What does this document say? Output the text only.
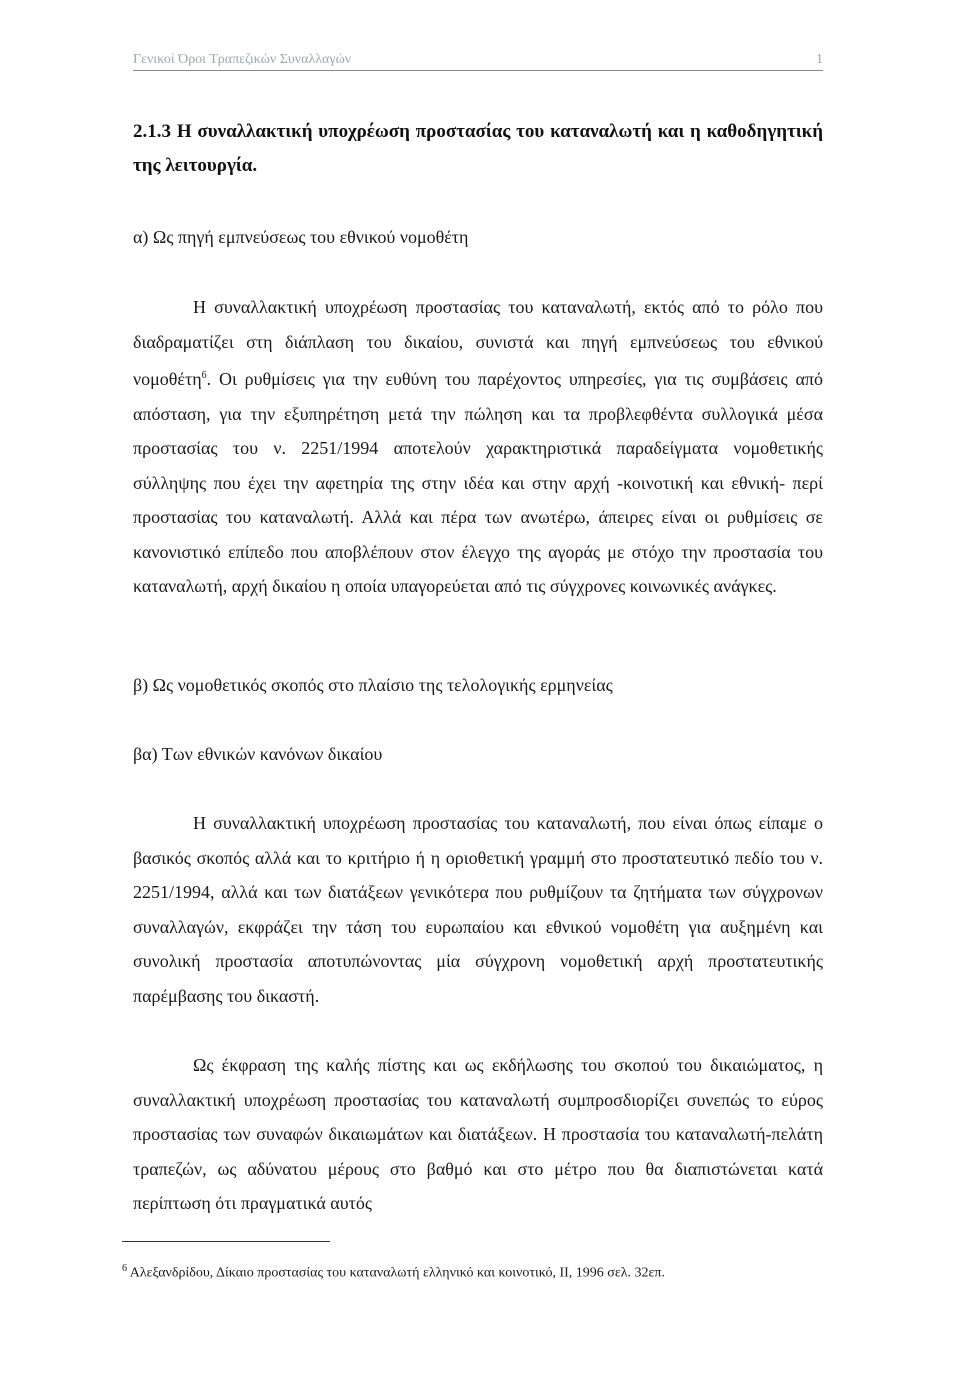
Γενικοί Όροι Τραπεζικών Συναλλαγών	1
2.1.3 Η συναλλακτική υποχρέωση προστασίας του καταναλωτή και η καθοδηγητική της λειτουργία.

α) Ως πηγή εμπνεύσεως του εθνικού νομοθέτη

Η συναλλακτική υποχρέωση προστασίας του καταναλωτή, εκτός από το ρόλο που διαδραματίζει στη διάπλαση του δικαίου, συνιστά και πηγή εμπνεύσεως του εθνικού νομοθέτη$^6$. Οι ρυθμίσεις για την ευθύνη του παρέχοντος υπηρεσίες, για τις συμβάσεις από απόσταση, για την εξυπηρέτηση μετά την πώληση και τα προβλεφθέντα συλλογικά μέσα προστασίας του ν. 2251/1994 αποτελούν χαρακτηριστικά παραδείγματα νομοθετικής σύλληψης που έχει την αφετηρία της στην ιδέα και στην αρχή -κοινοτική και εθνική- περί προστασίας του καταναλωτή. Αλλά και πέρα των ανωτέρω, άπειρες είναι οι ρυθμίσεις σε κανονιστικό επίπεδο που αποβλέπουν στον έλεγχο της αγοράς με στόχο την προστασία του καταναλωτή, αρχή δικαίου η οποία υπαγορεύεται από τις σύγχρονες κοινωνικές ανάγκες.

β) Ως νομοθετικός σκοπός στο πλαίσιο της τελολογικής ερμηνείας

βα) Των εθνικών κανόνων δικαίου

Η συναλλακτική υποχρέωση προστασίας του καταναλωτή, που είναι όπως είπαμε ο βασικός σκοπός αλλά και το κριτήριο ή η οριοθετική γραμμή στο προστατευτικό πεδίο του ν. 2251/1994, αλλά και των διατάξεων γενικότερα που ρυθμίζουν τα ζητήματα των σύγχρονων συναλλαγών, εκφράζει την τάση του ευρωπαίου και εθνικού νομοθέτη για αυξημένη και συνολική προστασία αποτυπώνοντας μία σύγχρονη νομοθετική αρχή προστατευτικής παρέμβασης του δικαστή.

Ως έκφραση της καλής πίστης και ως εκδήλωσης του σκοπού του δικαιώματος, η συναλλακτική υποχρέωση προστασίας του καταναλωτή συμπροσδιορίζει συνεπώς το εύρος προστασίας των συναφών δικαιωμάτων και διατάξεων. Η προστασία του καταναλωτή-πελάτη τραπεζών, ως αδύνατου μέρους στο βαθμό και στο μέτρο που θα διαπιστώνεται κατά περίπτωση ότι πραγματικά αυτός

$^6$ Αλεξανδρίδου, Δίκαιο προστασίας του καταναλωτή ελληνικό και κοινοτικό, II, 1996 σελ. 32επ.
